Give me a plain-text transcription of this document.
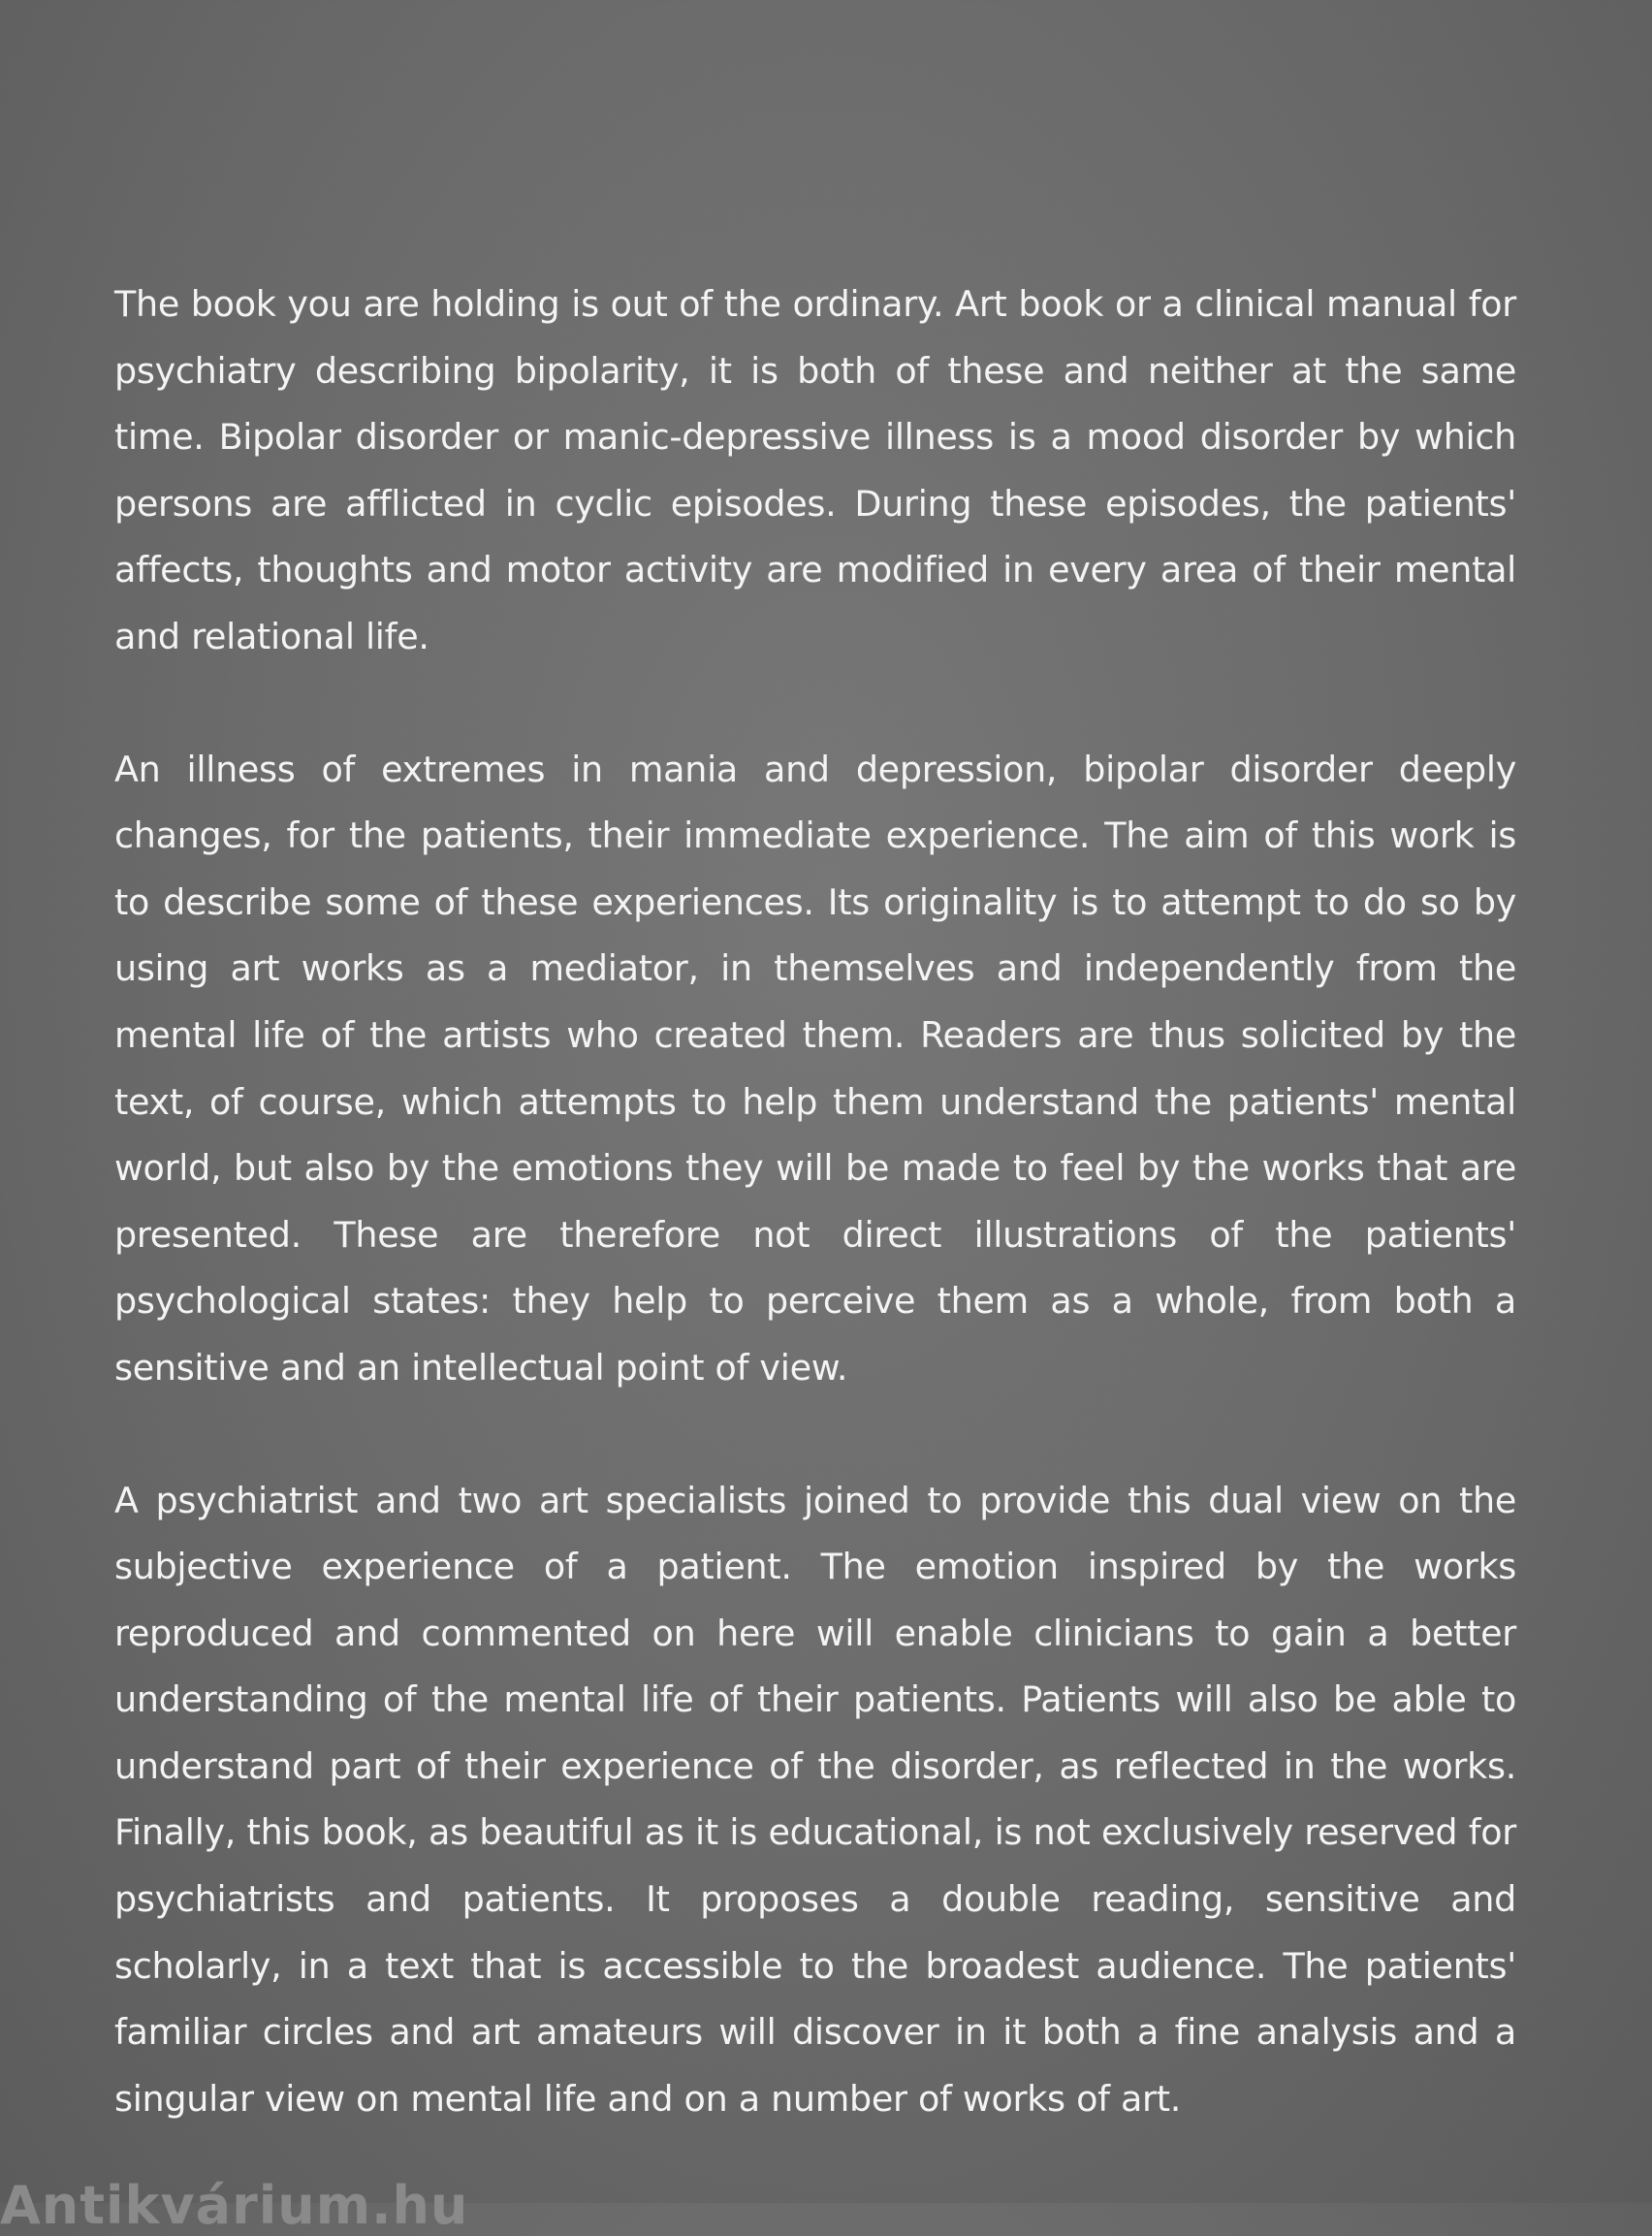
The book you are holding is out of the ordinary. Art book or a clinical manual for psychiatry describing bipolarity, it is both of these and neither at the same time. Bipolar disorder or manic-depressive illness is a mood disorder by which persons are afflicted in cyclic episodes. During these episodes, the patients' affects, thoughts and motor activity are modified in every area of their mental and relational life.

An illness of extremes in mania and depression, bipolar disorder deeply changes, for the patients, their immediate experience. The aim of this work is to describe some of these experiences. Its originality is to attempt to do so by using art works as a mediator, in themselves and independently from the mental life of the artists who created them. Readers are thus solicited by the text, of course, which attempts to help them understand the patients' mental world, but also by the emotions they will be made to feel by the works that are presented. These are therefore not direct illustrations of the patients' psychological states: they help to perceive them as a whole, from both a sensitive and an intellectual point of view.

A psychiatrist and two art specialists joined to provide this dual view on the subjective experience of a patient. The emotion inspired by the works reproduced and commented on here will enable clinicians to gain a better understanding of the mental life of their patients. Patients will also be able to understand part of their experience of the disorder, as reflected in the works. Finally, this book, as beautiful as it is educational, is not exclusively reserved for psychiatrists and patients. It proposes a double reading, sensitive and scholarly, in a text that is accessible to the broadest audience. The patients' familiar circles and art amateurs will discover in it both a fine analysis and a singular view on mental life and on a number of works of art.

Antikvárium.hu
